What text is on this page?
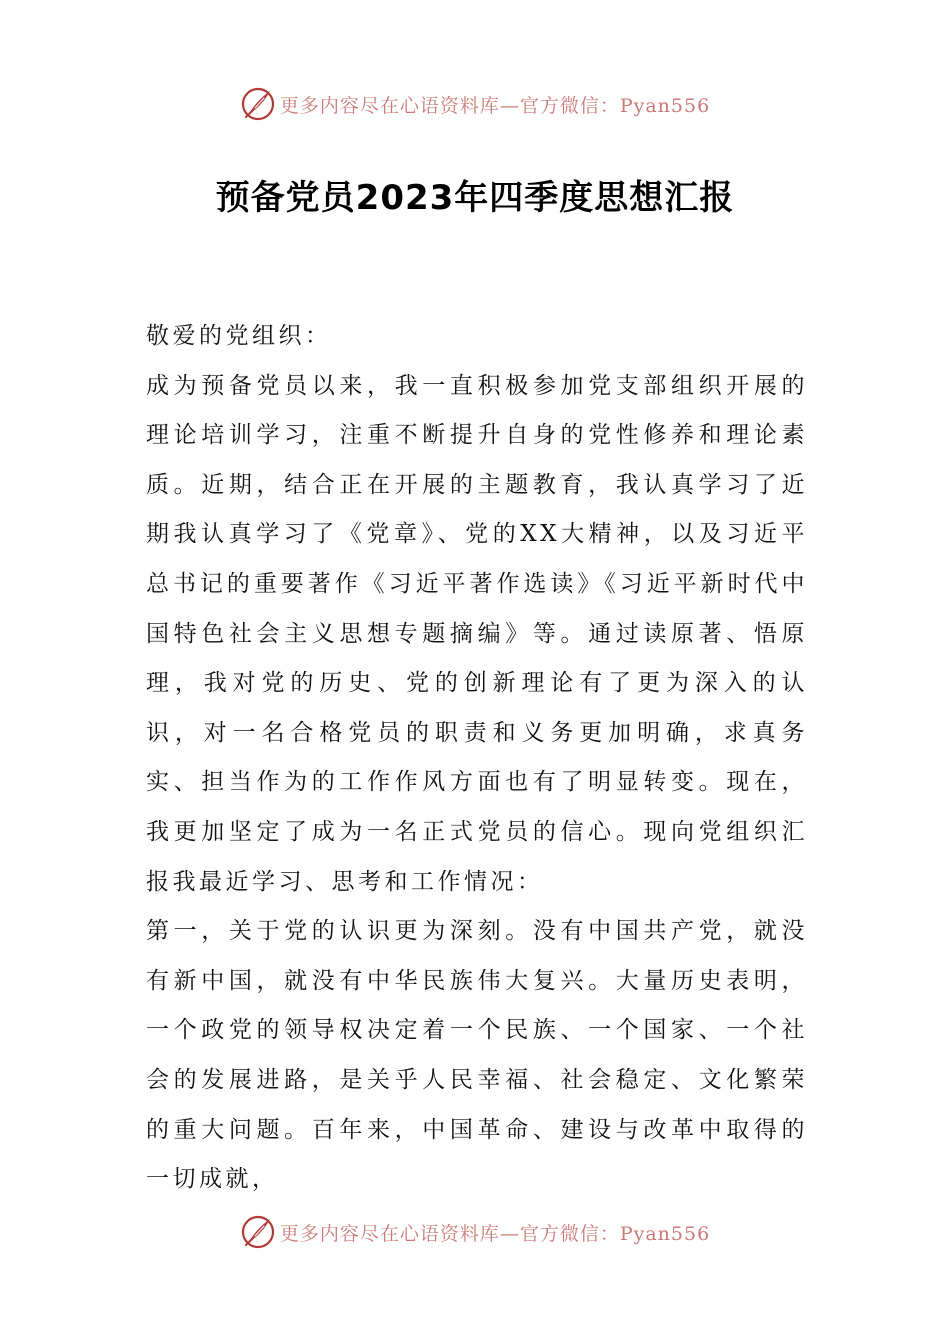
更多内容尽在心语资料库—官方微信：Pyan556
预备党员2023年四季度思想汇报

敬爱的党组织：

成为预备党员以来，我一直积极参加党支部组织开展的理论培训学习，注重不断提升自身的党性修养和理论素质。近期，结合正在开展的主题教育，我认真学习了近期我认真学习了《党章》、党的XX大精神，以及习近平总书记的重要著作《习近平著作选读》《习近平新时代中国特色社会主义思想专题摘编》等。通过读原著、悟原理，我对党的历史、党的创新理论有了更为深入的认识，对一名合格党员的职责和义务更加明确，求真务实、担当作为的工作作风方面也有了明显转变。现在，我更加坚定了成为一名正式党员的信心。现向党组织汇报我最近学习、思考和工作情况：

第一，关于党的认识更为深刻。没有中国共产党，就没有新中国，就没有中华民族伟大复兴。大量历史表明，一个政党的领导权决定着一个民族、一个国家、一个社会的发展进路，是关乎人民幸福、社会稳定、文化繁荣的重大问题。百年来，中国革命、建设与改革中取得的一切成就，

更多内容尽在心语资料库—官方微信：Pyan556
